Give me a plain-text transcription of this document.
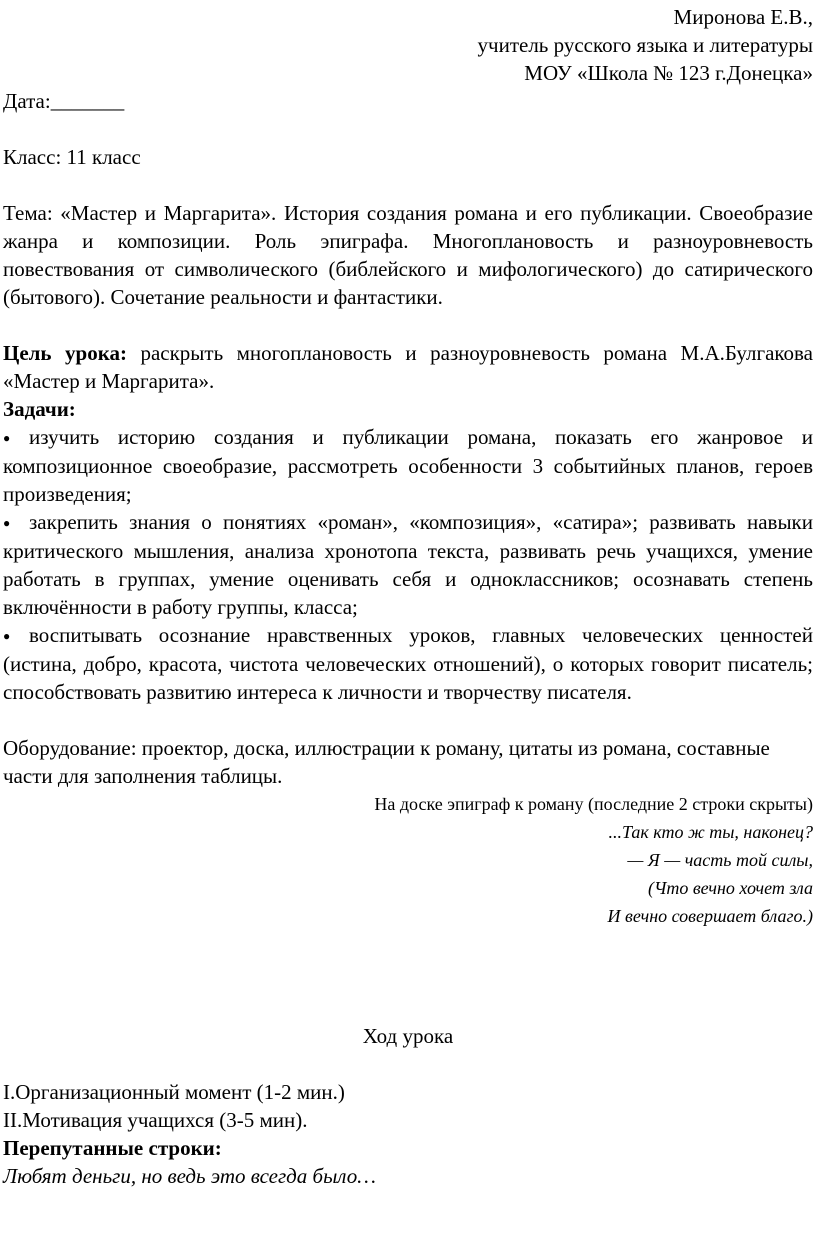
Миронова Е.В.,

учитель русского языка и литературы

МОУ «Школа № 123 г.Донецка»

Дата:_______

Класс: 11 класс

Тема: «Мастер и Маргарита». История создания романа и его публикации. Своеобразие жанра и композиции. Роль эпиграфа. Многоплановость и разноуровневость повествования от символического (библейского и мифологического) до сатирического (бытового). Сочетание реальности и фантастики.

Цель урока: раскрыть многоплановость и разноуровневость романа М.А.Булгакова «Мастер и Маргарита».

Задачи:

● изучить историю создания и публикации романа, показать его жанровое и композиционное своеобразие, рассмотреть особенности 3 событийных планов, героев произведения;

● закрепить знания о понятиях «роман», «композиция», «сатира»; развивать навыки критического мышления, анализа хронотопа текста, развивать речь учащихся, умение работать в группах, умение оценивать себя и одноклассников; осознавать степень включённости в работу группы, класса;

● воспитывать осознание нравственных уроков, главных человеческих ценностей (истина, добро, красота, чистота человеческих отношений), о которых говорит писатель; способствовать развитию интереса к личности и творчеству писателя.

Оборудование: проектор, доска, иллюстрации к роману, цитаты из романа, составные части для заполнения таблицы.

На доске эпиграф к роману (последние 2 строки скрыты)

...Так кто ж ты, наконец?

— Я — часть той силы,

(Что вечно хочет зла

И вечно совершает благо.)

Ход урока

I.Организационный момент (1-2 мин.)

II.Мотивация учащихся (3-5 мин).

Перепутанные строки:

Любят деньги, но ведь это всегда было…
